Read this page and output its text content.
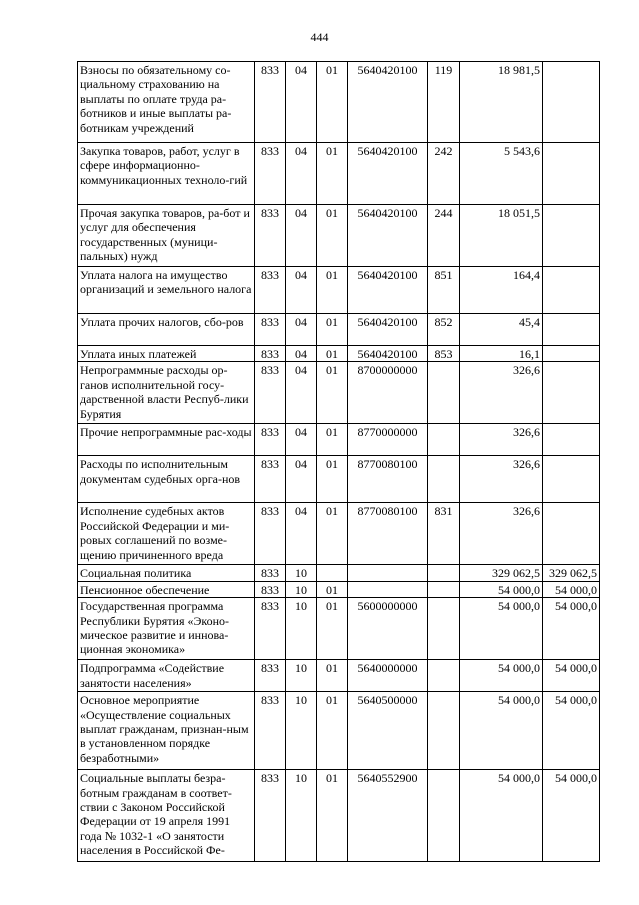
444
Взносы по обязательному со-циальному страхованию на выплаты по оплате труда ра-ботников и иные выплаты ра-ботникам учреждений	833	04	01	5640420100	119	18 981,5	
Закупка товаров, работ, услуг в сфере информационно-коммуникационных техноло-гий	833	04	01	5640420100	242	5 543,6	
Прочая закупка товаров, ра-бот и услуг для обеспечения государственных (муници-пальных) нужд	833	04	01	5640420100	244	18 051,5	
Уплата налога на имущество организаций и земельного налога	833	04	01	5640420100	851	164,4	
Уплата прочих налогов, сбо-ров	833	04	01	5640420100	852	45,4	
Уплата иных платежей	833	04	01	5640420100	853	16,1	
Непрограммные расходы ор-ганов исполнительной госу-дарственной власти Респуб-лики Бурятия	833	04	01	8700000000		326,6	
Прочие непрограммные рас-ходы	833	04	01	8770000000		326,6	
Расходы по исполнительным документам судебных орга-нов	833	04	01	8770080100		326,6	
Исполнение судебных актов Российской Федерации и ми-ровых соглашений по возме-щению причиненного вреда	833	04	01	8770080100	831	326,6	
Социальная политика	833	10				329 062,5	329 062,5
Пенсионное обеспечение	833	10	01			54 000,0	54 000,0
Государственная программа Республики Бурятия «Эконо-мическое развитие и иннова-ционная экономика»	833	10	01	5600000000		54 000,0	54 000,0
Подпрограмма «Содействие занятости населения»	833	10	01	5640000000		54 000,0	54 000,0
Основное мероприятие «Осуществление социальных выплат гражданам, признан-ным в установленном порядке безработными»	833	10	01	5640500000		54 000,0	54 000,0
Социальные выплаты безра-ботным гражданам в соответ-ствии с Законом Российской Федерации от 19 апреля 1991 года № 1032-1 «О занятости населения в Российской Фе-	833	10	01	5640552900		54 000,0	54 000,0
